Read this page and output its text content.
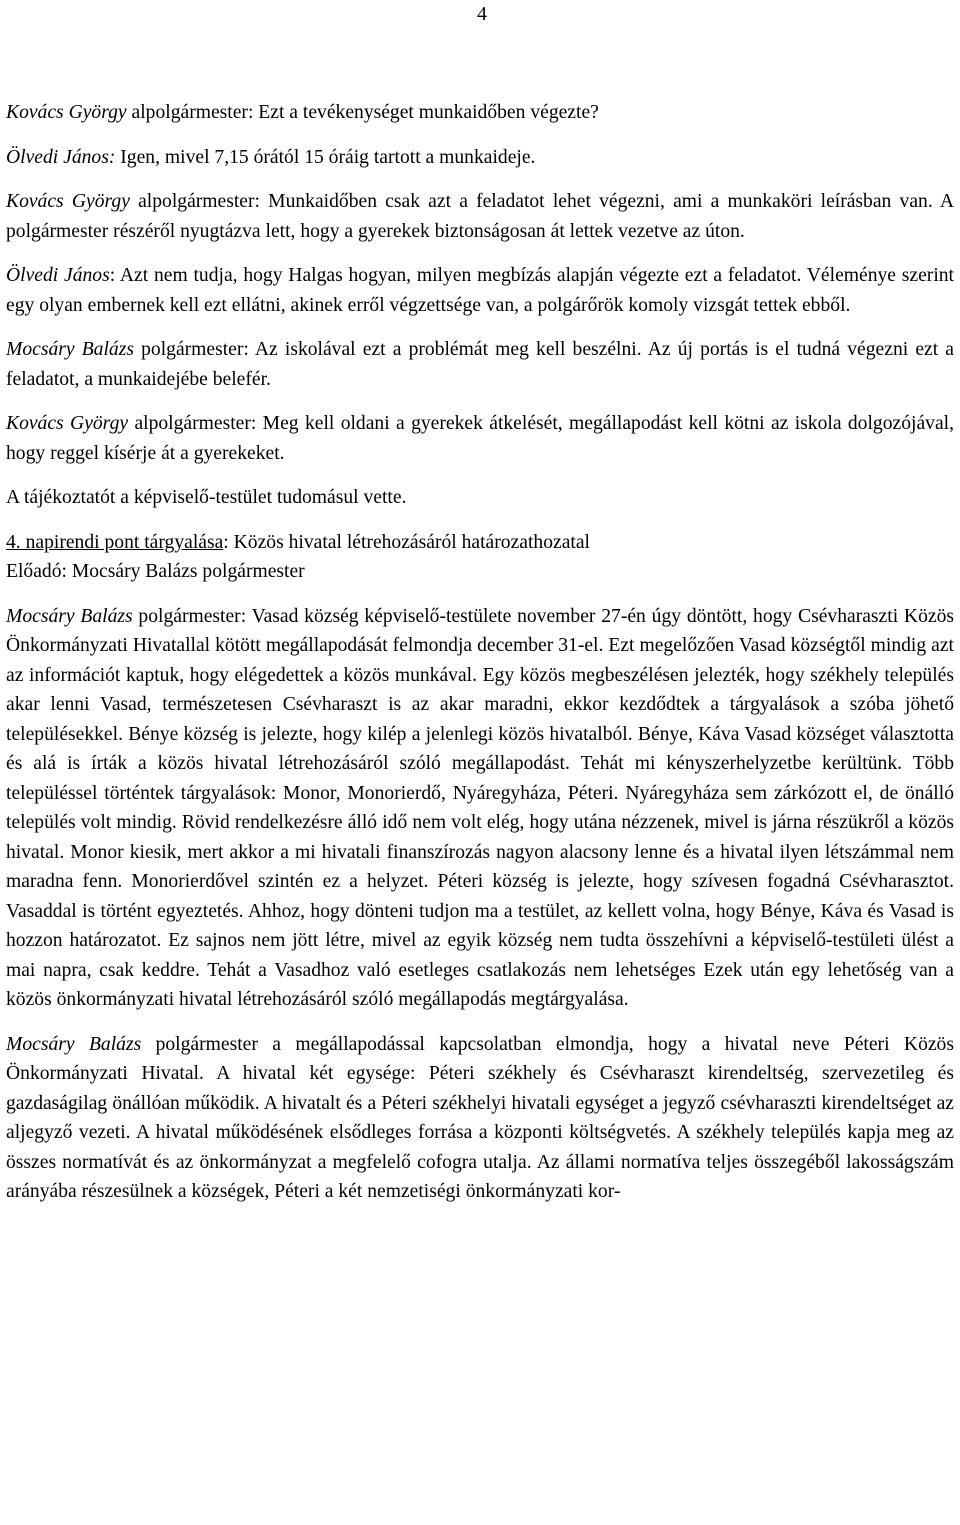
4

Kovács György alpolgármester: Ezt a tevékenységet munkaidőben végezte?

Ölvedi János: Igen, mivel 7,15 órától 15 óráig tartott a munkaideje.

Kovács György alpolgármester: Munkaidőben csak azt a feladatot lehet végezni, ami a munkaköri leírásban van. A polgármester részéről nyugtázva lett, hogy a gyerekek biztonságosan át lettek vezetve az úton.

Ölvedi János: Azt nem tudja, hogy Halgas hogyan, milyen megbízás alapján végezte ezt a feladatot. Véleménye szerint egy olyan embernek kell ezt ellátni, akinek erről végzettsége van, a polgárőrök komoly vizsgát tettek ebből.

Mocsáry Balázs polgármester: Az iskolával ezt a problémát meg kell beszélni. Az új portás is el tudná végezni ezt a feladatot, a munkaidejébe belefér.

Kovács György alpolgármester: Meg kell oldani a gyerekek átkelését, megállapodást kell kötni az iskola dolgozójával, hogy reggel kísérje át a gyerekeket.

A tájékoztatót a képviselő-testület tudomásul vette.

4. napirendi pont tárgyalása: Közös hivatal létrehozásáról határozathozatal
Előadó: Mocsáry Balázs polgármester

Mocsáry Balázs polgármester: Vasad község képviselő-testülete november 27-én úgy döntött, hogy Csévharaszti Közös Önkormányzati Hivatallal kötött megállapodását felmondja december 31-el. Ezt megelőzően Vasad községtől mindig azt az információt kaptuk, hogy elégedettek a közös munkával. Egy közös megbeszélésen jelezték, hogy székhely település akar lenni Vasad, természetesen Csévharaszt is az akar maradni, ekkor kezdődtek a tárgyalások a szóba jöhető településekkel. Bénye község is jelezte, hogy kilép a jelenlegi közös hivatalból. Bénye, Káva Vasad községet választotta és alá is írták a közös hivatal létrehozásáról szóló megállapodást. Tehát mi kényszerhelyzetbe kerültünk. Több településsel történtek tárgyalások: Monor, Monorierdő, Nyáregyháza, Péteri. Nyáregyháza sem zárkózott el, de önálló település volt mindig. Rövid rendelkezésre álló idő nem volt elég, hogy utána nézzenek, mivel is járna részükről a közös hivatal. Monor kiesik, mert akkor a mi hivatali finanszírozás nagyon alacsony lenne és a hivatal ilyen létszámmal nem maradna fenn. Monorierdővel szintén ez a helyzet. Péteri község is jelezte, hogy szívesen fogadná Csévharasztot. Vasaddal is történt egyeztetés. Ahhoz, hogy dönteni tudjon ma a testület, az kellett volna, hogy Bénye, Káva és Vasad is hozzon határozatot. Ez sajnos nem jött létre, mivel az egyik község nem tudta összehívni a képviselő-testületi ülést a mai napra, csak keddre. Tehát a Vasadhoz való esetleges csatlakozás nem lehetséges Ezek után egy lehetőség van a közös önkormányzati hivatal létrehozásáról szóló megállapodás megtárgyalása.

Mocsáry Balázs polgármester a megállapodással kapcsolatban elmondja, hogy a hivatal neve Péteri Közös Önkormányzati Hivatal. A hivatal két egysége: Péteri székhely és Csévharaszt kirendeltség, szervezetileg és gazdaságilag önállóan működik. A hivatalt és a Péteri székhelyi hivatali egységet a jegyző csévharaszti kirendeltséget az aljegyző vezeti. A hivatal működésének elsődleges forrása a központi költségvetés. A székhely település kapja meg az összes normatívát és az önkormányzat a megfelelő cofogra utalja. Az állami normatíva teljes összegéből lakosságszám arányába részesülnek a községek, Péteri a két nemzetiségi önkormányzati kor-
